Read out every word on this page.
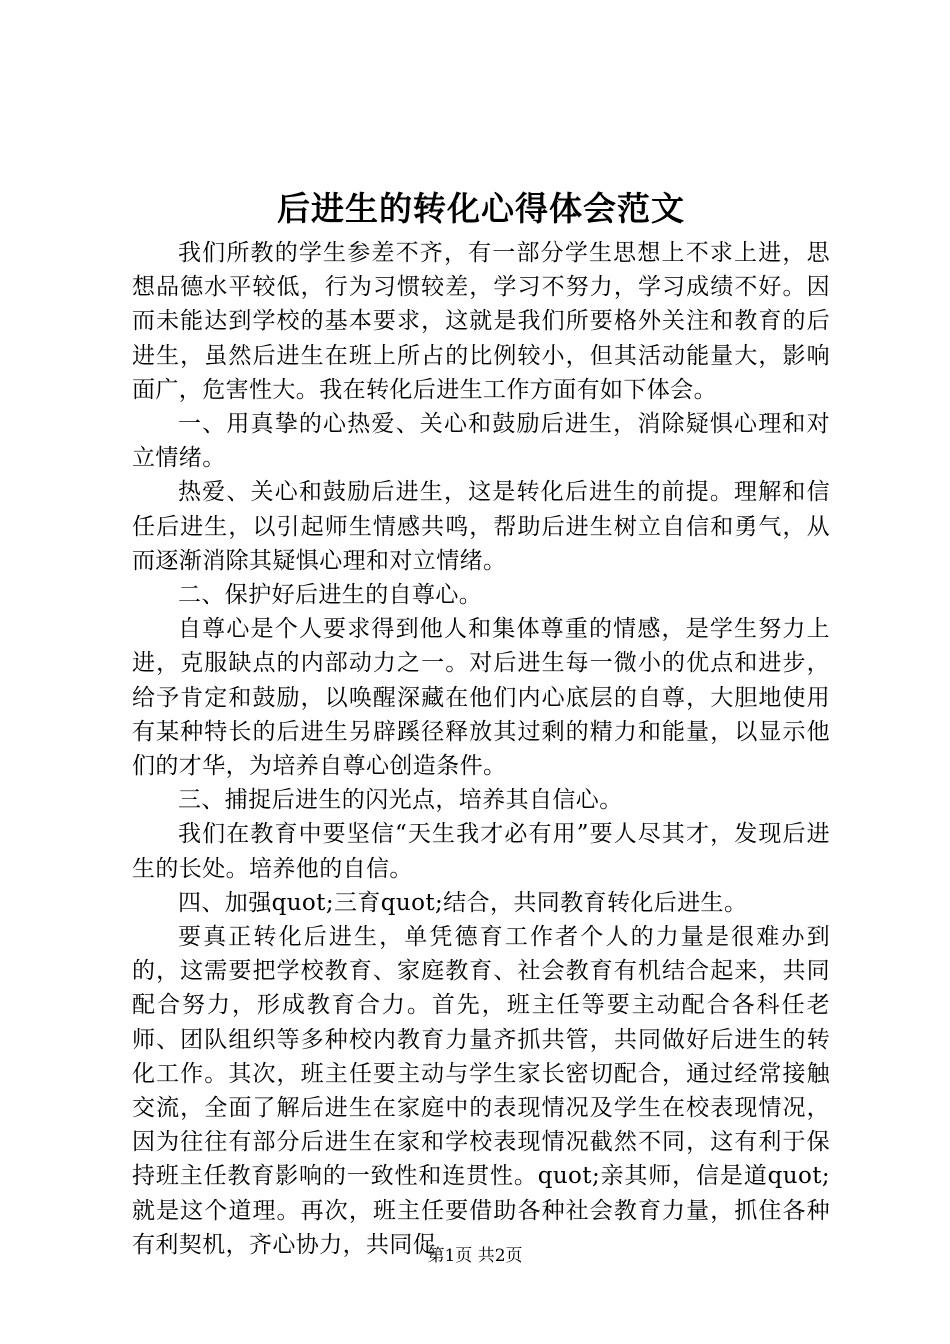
后进生的转化心得体会范文

我们所教的学生参差不齐，有一部分学生思想上不求上进，思想品德水平较低，行为习惯较差，学习不努力，学习成绩不好。因而未能达到学校的基本要求，这就是我们所要格外关注和教育的后进生，虽然后进生在班上所占的比例较小，但其活动能量大，影响面广，危害性大。我在转化后进生工作方面有如下体会。

一、用真挚的心热爱、关心和鼓励后进生，消除疑惧心理和对立情绪。

热爱、关心和鼓励后进生，这是转化后进生的前提。理解和信任后进生，以引起师生情感共鸣，帮助后进生树立自信和勇气，从而逐渐消除其疑惧心理和对立情绪。

二、保护好后进生的自尊心。

自尊心是个人要求得到他人和集体尊重的情感，是学生努力上进，克服缺点的内部动力之一。对后进生每一微小的优点和进步，给予肯定和鼓励，以唤醒深藏在他们内心底层的自尊，大胆地使用有某种特长的后进生另辟蹊径释放其过剩的精力和能量，以显示他们的才华，为培养自尊心创造条件。

三、捕捉后进生的闪光点，培养其自信心。

我们在教育中要坚信“天生我才必有用”要人尽其才，发现后进生的长处。培养他的自信。

四、加强quot;三育quot;结合，共同教育转化后进生。

要真正转化后进生，单凭德育工作者个人的力量是很难办到的，这需要把学校教育、家庭教育、社会教育有机结合起来，共同配合努力，形成教育合力。首先，班主任等要主动配合各科任老师、团队组织等多种校内教育力量齐抓共管，共同做好后进生的转化工作。其次，班主任要主动与学生家长密切配合，通过经常接触交流，全面了解后进生在家庭中的表现情况及学生在校表现情况，因为往往有部分后进生在家和学校表现情况截然不同，这有利于保持班主任教育影响的一致性和连贯性。quot;亲其师，信是道quot;就是这个道理。再次，班主任要借助各种社会教育力量，抓住各种有利契机，齐心协力，共同促

第1页 共2页
